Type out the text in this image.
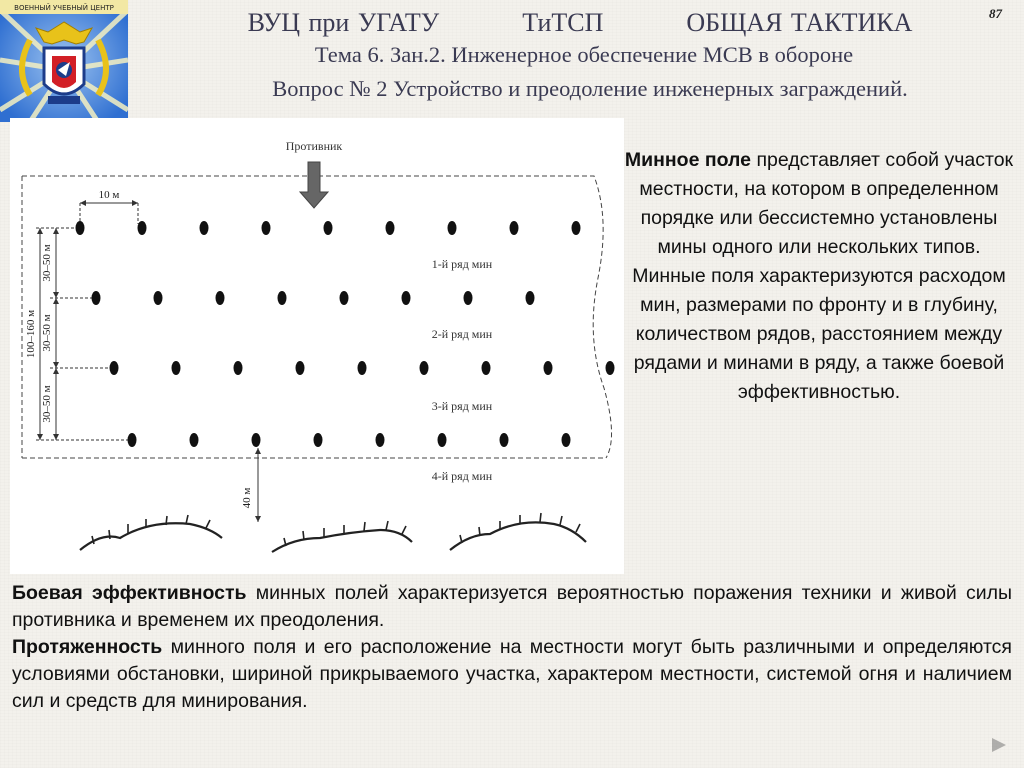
87
ВОЕННЫЙ УЧЕБНЫЙ ЦЕНТР	ВУЦ при УГАТУ	ТиТСП	ОБЩАЯ ТАКТИКА
Тема 6. Зан.2. Инженерное обеспечение МСВ в обороне
Вопрос № 2 Устройство и преодоление инженерных заграждений.
Противник
10 м
100–160 м
30–50 м
30–50 м
30–50 м
1-й ряд мин
2-й ряд мин
3-й ряд мин
4-й ряд мин
40 м
Минное поле представляет собой участок местности, на котором в определенном порядке или бессистемно установлены мины одного или нескольких типов.
Минные поля характеризуются расходом мин, размерами по фронту и в глубину, количеством рядов, расстоянием между рядами и минами в ряду, а также боевой эффективностью.

Боевая эффективность минных полей характеризуется вероятностью поражения техники и живой силы противника и временем их преодоления.

Протяженность минного поля и его расположение на местности могут быть различными и определяются условиями обстановки, шириной прикрываемого участка, характером местности, системой огня и наличием сил и средств для минирования.
